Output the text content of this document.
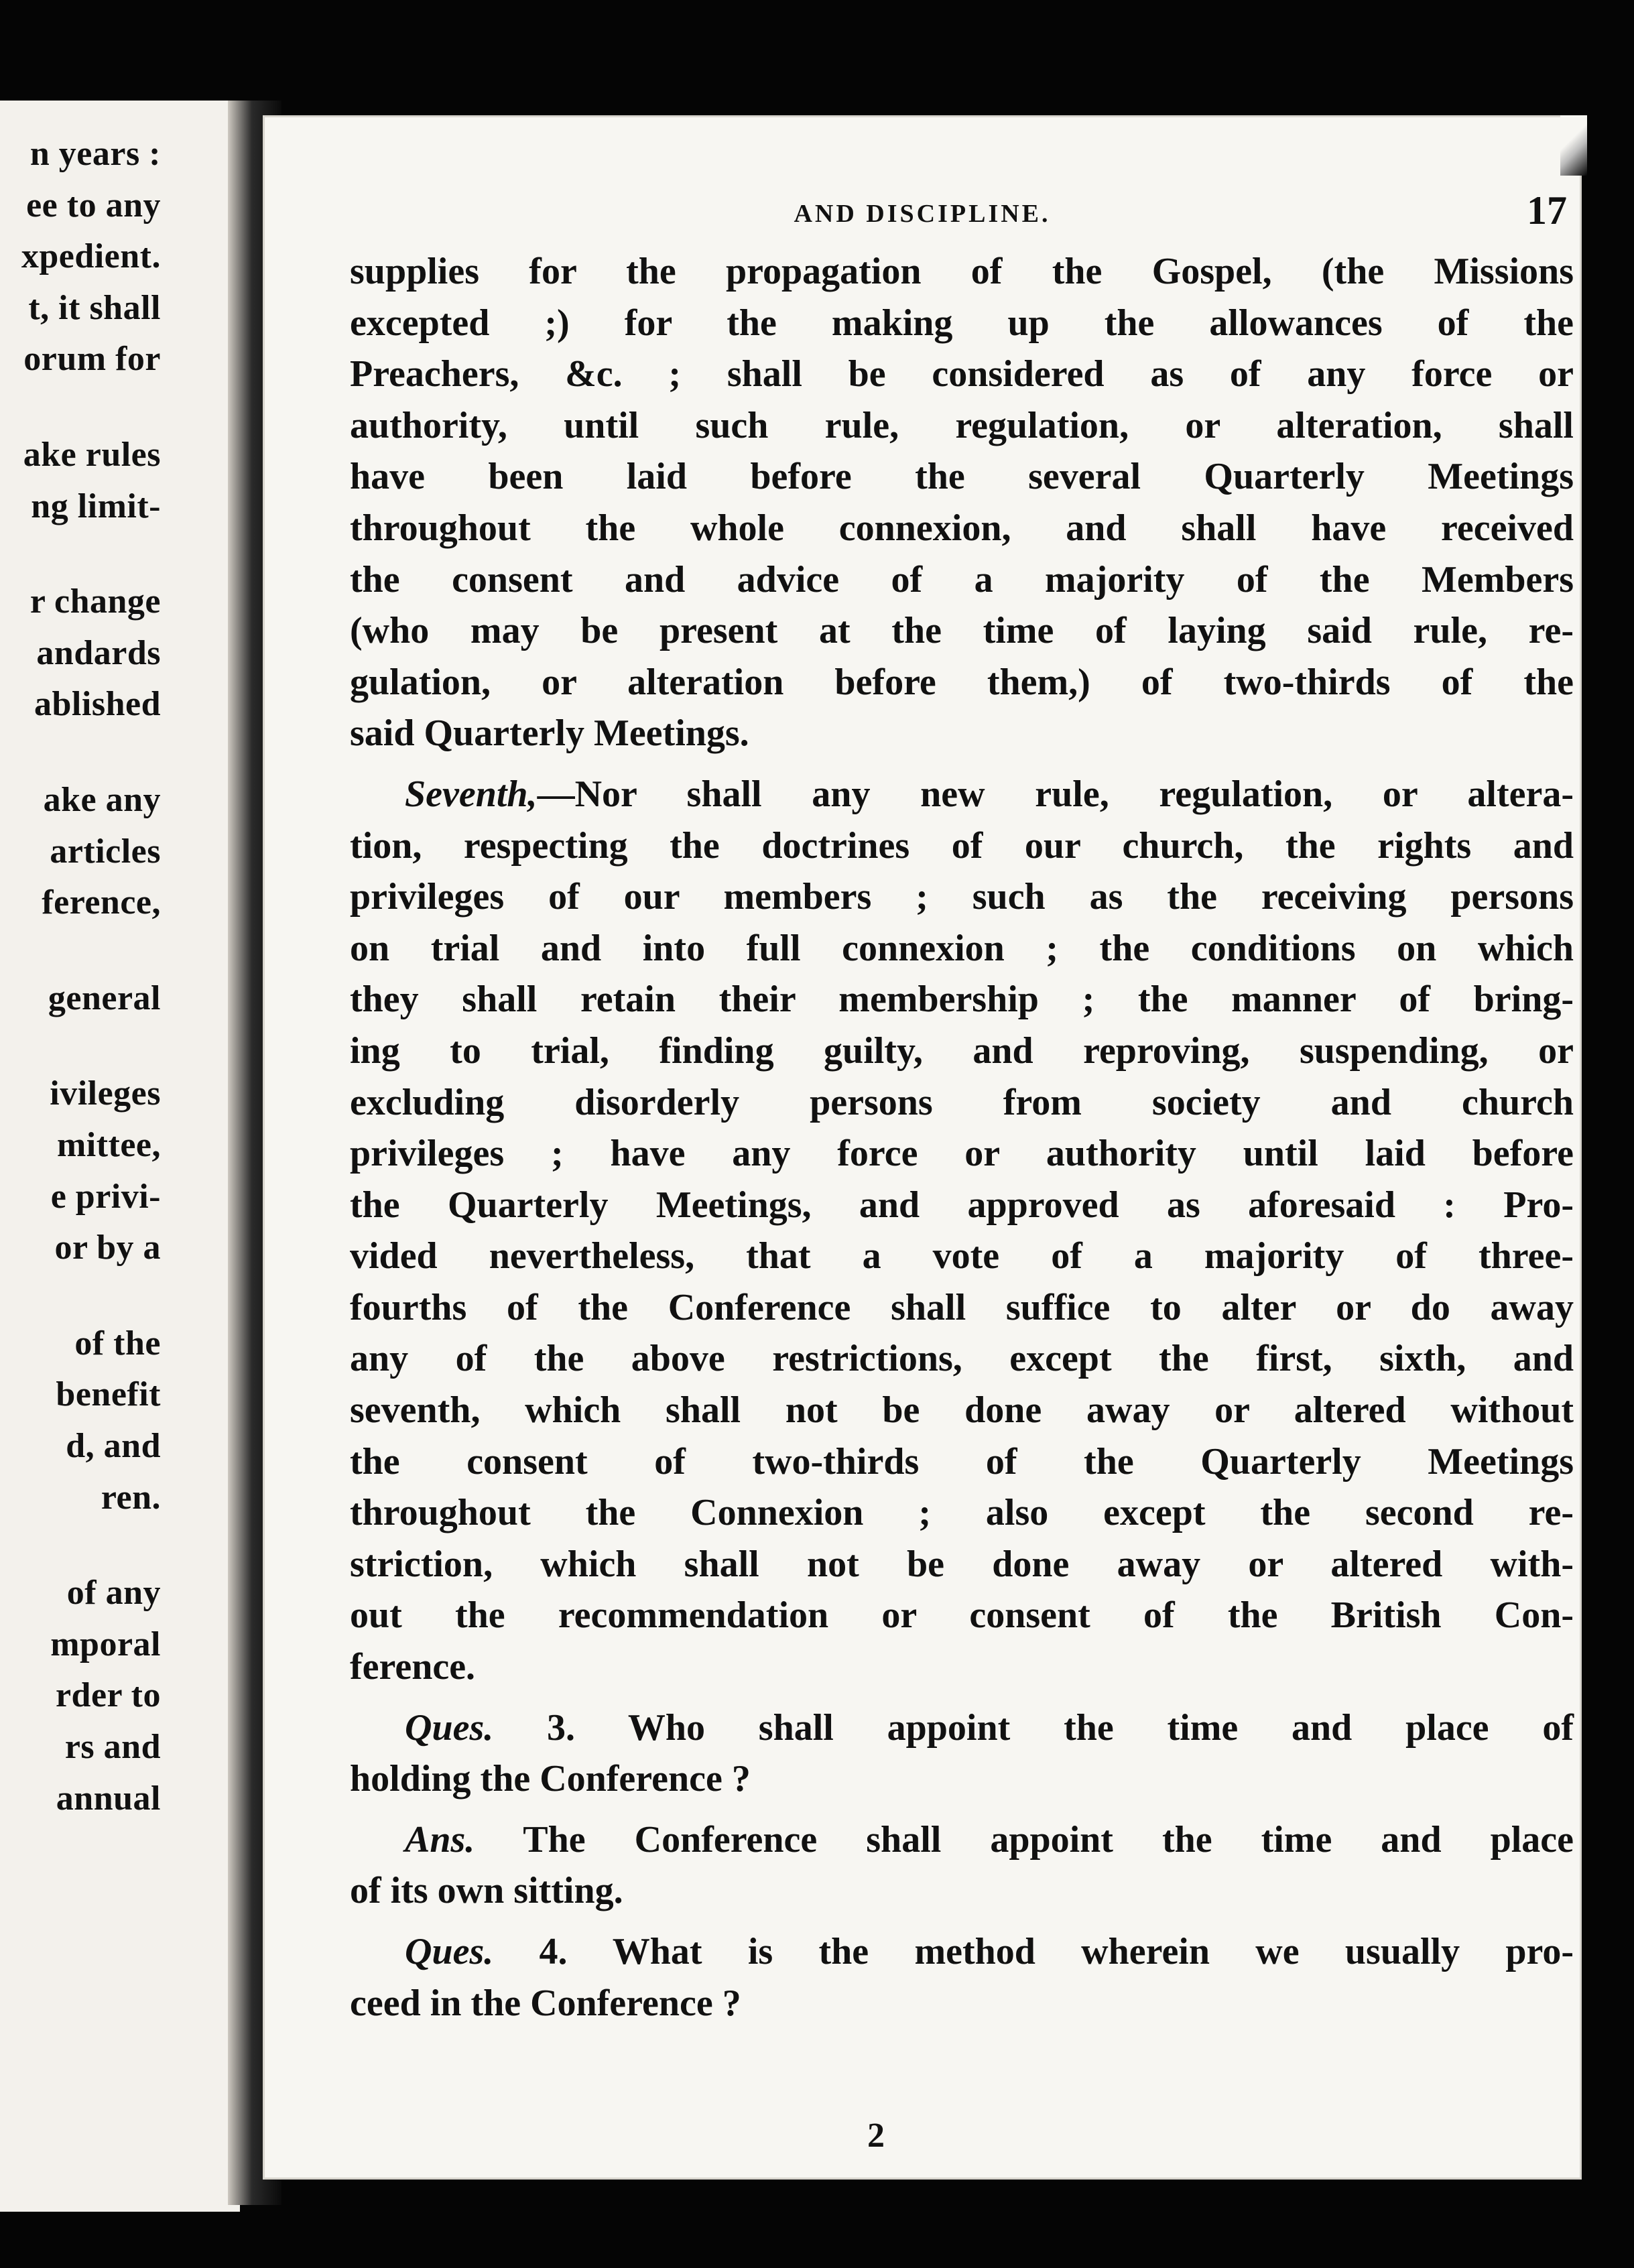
n years :
ee to any
xpedient.
t, it shall
orum for
ake rules
ng limit-
r change
andards
ablished
ake any
articles
ference,
general
ivileges
mittee,
e privi-
or by a
of the
benefit
d, and
ren.
of any
mporal
rder to
rs and
annual
AND DISCIPLINE.	17
supplies for the propagation of the Gospel, (the Missions
excepted ;) for the making up the allowances of the
Preachers, &c. ; shall be considered as of any force or
authority, until such rule, regulation, or alteration, shall
have been laid before the several Quarterly Meetings
throughout the whole connexion, and shall have received
the consent and advice of a majority of the Members
(who may be present at the time of laying said rule, re-
gulation, or alteration before them,) of two-thirds of the
said Quarterly Meetings.
Seventh,—Nor shall any new rule, regulation, or altera-
tion, respecting the doctrines of our church, the rights and
privileges of our members ; such as the receiving persons
on trial and into full connexion ; the conditions on which
they shall retain their membership ; the manner of bring-
ing to trial, finding guilty, and reproving, suspending, or
excluding disorderly persons from society and church
privileges ; have any force or authority until laid before
the Quarterly Meetings, and approved as aforesaid : Pro-
vided nevertheless, that a vote of a majority of three-
fourths of the Conference shall suffice to alter or do away
any of the above restrictions, except the first, sixth, and
seventh, which shall not be done away or altered without
the consent of two-thirds of the Quarterly Meetings
throughout the Connexion ; also except the second re-
striction, which shall not be done away or altered with-
out the recommendation or consent of the British Con-
ference.
Ques. 3. Who shall appoint the time and place of
holding the Conference ?
Ans. The Conference shall appoint the time and place
of its own sitting.
Ques. 4. What is the method wherein we usually pro-
ceed in the Conference ?
2
